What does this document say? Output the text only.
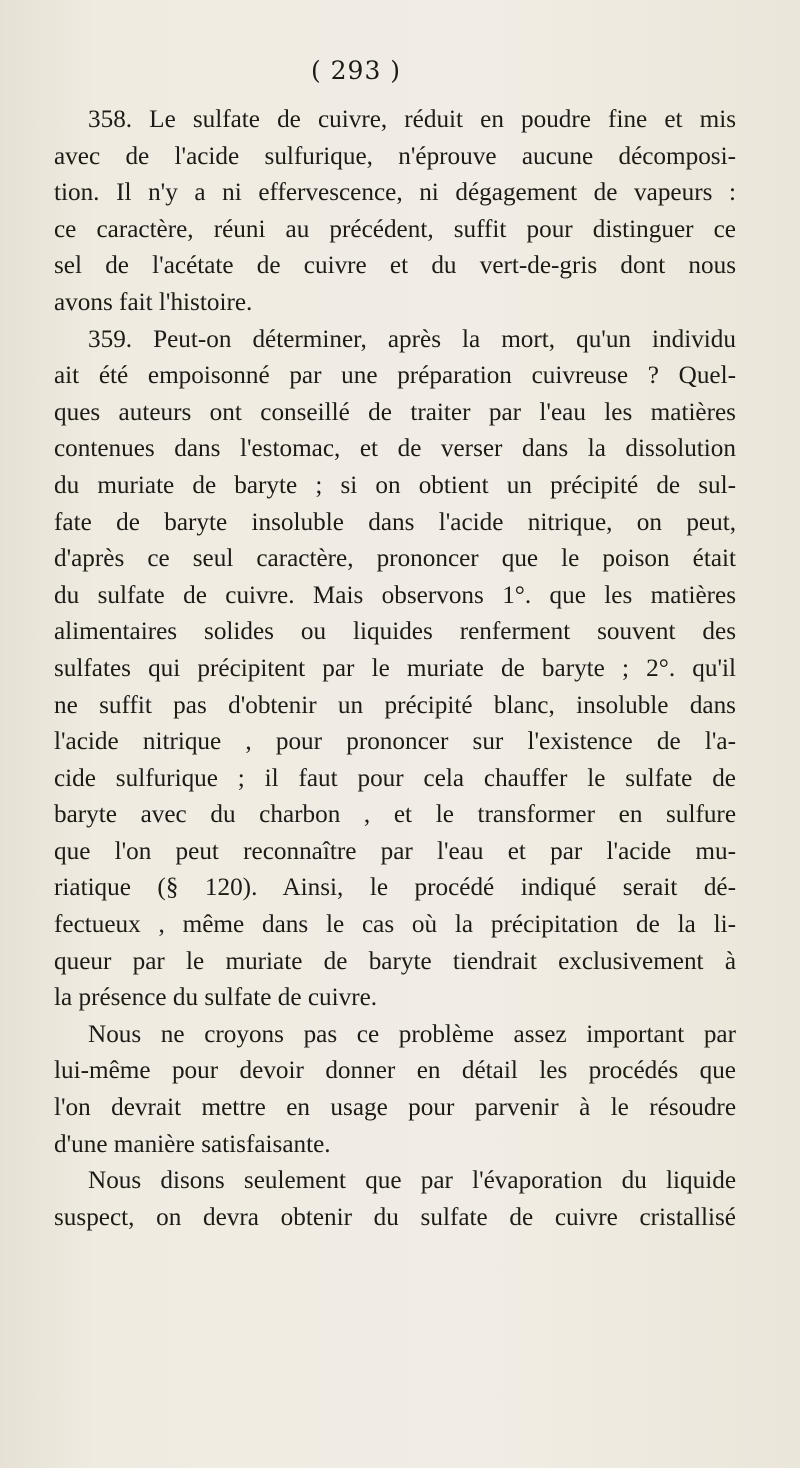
( 293 )
358. Le sulfate de cuivre, réduit en poudre fine et mis
avec de l'acide sulfurique, n'éprouve aucune décomposi-
tion. Il n'y a ni effervescence, ni dégagement de vapeurs :
ce caractère, réuni au précédent, suffit pour distinguer ce
sel de l'acétate de cuivre et du vert-de-gris dont nous
avons fait l'histoire.
359. Peut-on déterminer, après la mort, qu'un individu
ait été empoisonné par une préparation cuivreuse ? Quel-
ques auteurs ont conseillé de traiter par l'eau les matières
contenues dans l'estomac, et de verser dans la dissolution
du muriate de baryte ; si on obtient un précipité de sul-
fate de baryte insoluble dans l'acide nitrique, on peut,
d'après ce seul caractère, prononcer que le poison était
du sulfate de cuivre. Mais observons 1°. que les matières
alimentaires solides ou liquides renferment souvent des
sulfates qui précipitent par le muriate de baryte ; 2°. qu'il
ne suffit pas d'obtenir un précipité blanc, insoluble dans
l'acide nitrique , pour prononcer sur l'existence de l'a-
cide sulfurique ; il faut pour cela chauffer le sulfate de
baryte avec du charbon , et le transformer en sulfure
que l'on peut reconnaître par l'eau et par l'acide mu-
riatique (§ 120). Ainsi, le procédé indiqué serait dé-
fectueux , même dans le cas où la précipitation de la li-
queur par le muriate de baryte tiendrait exclusivement à
la présence du sulfate de cuivre.
Nous ne croyons pas ce problème assez important par
lui-même pour devoir donner en détail les procédés que
l'on devrait mettre en usage pour parvenir à le résoudre
d'une manière satisfaisante.
Nous disons seulement que par l'évaporation du liquide
suspect, on devra obtenir du sulfate de cuivre cristallisé
